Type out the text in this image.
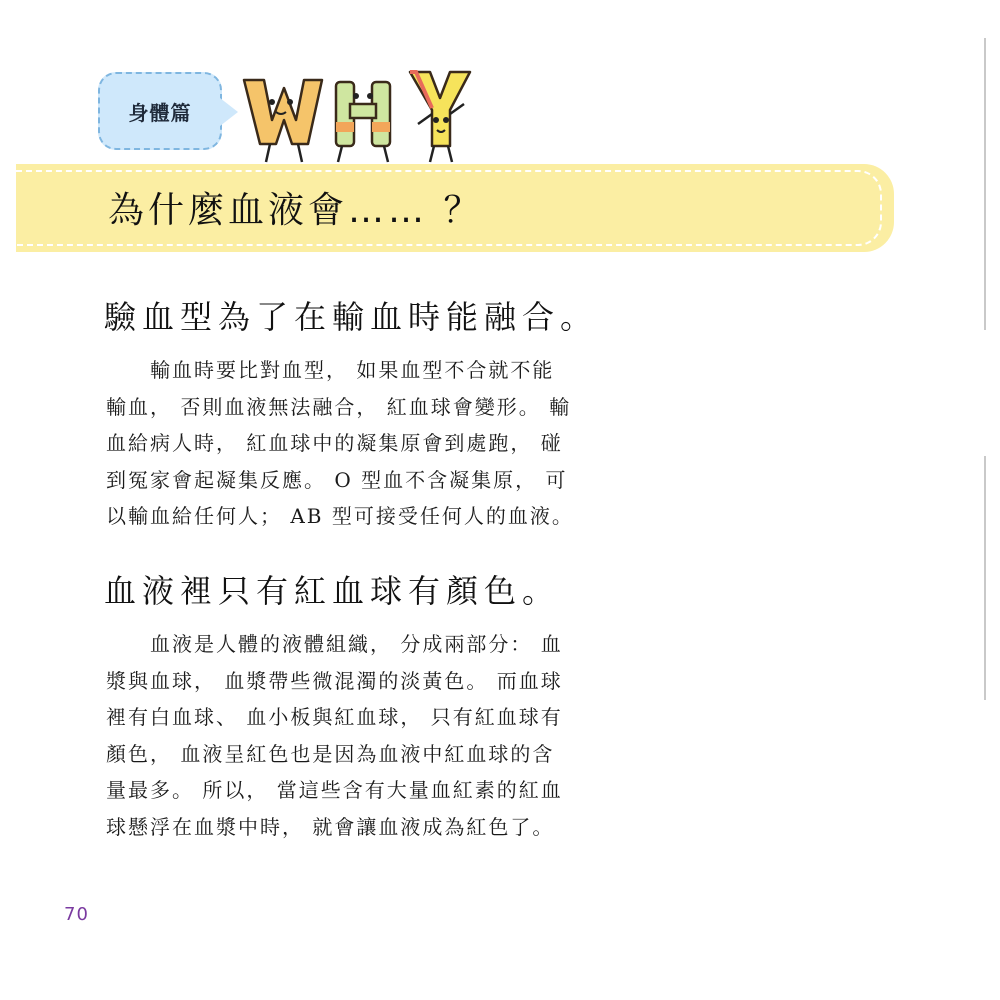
身體篇
為什麼血液會…… ？
驗血型為了在輸血時能融合。
　　輸血時要比對血型， 如果血型不合就不能
輸血， 否則血液無法融合， 紅血球會變形。 輸
血給病人時， 紅血球中的凝集原會到處跑， 碰
到冤家會起凝集反應。 O 型血不含凝集原， 可
以輸血給任何人； AB 型可接受任何人的血液。
血液裡只有紅血球有顏色。
　　血液是人體的液體組織， 分成兩部分： 血
漿與血球， 血漿帶些微混濁的淡黃色。 而血球
裡有白血球、 血小板與紅血球， 只有紅血球有
顏色， 血液呈紅色也是因為血液中紅血球的含
量最多。 所以， 當這些含有大量血紅素的紅血
球懸浮在血漿中時， 就會讓血液成為紅色了。
70
